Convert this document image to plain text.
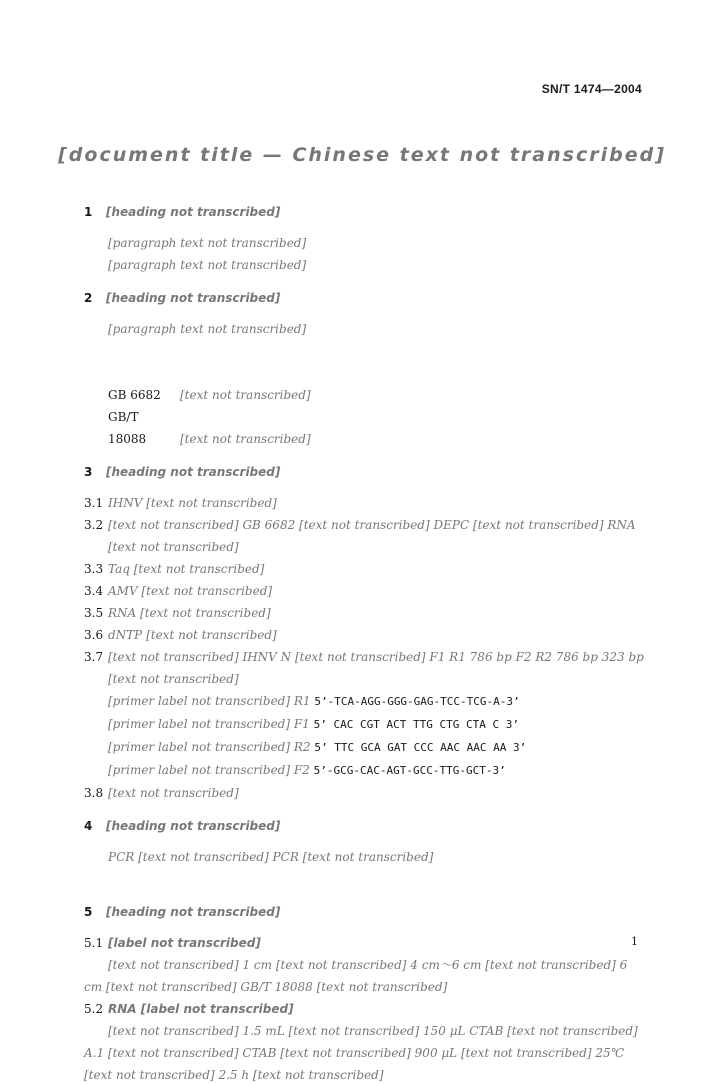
SN/T 1474—2004
[document title — Chinese text not transcribed]
1 [heading not transcribed]
[paragraph text not transcribed]
[paragraph text not transcribed]
2 [heading not transcribed]
[paragraph text not transcribed]
GB 6682 [text not transcribed]
GB/T 18088	[text not transcribed]
3 [heading not transcribed]
3.1 IHNV [text not transcribed]
3.2 [text not transcribed] GB 6682 [text not transcribed] DEPC [text not transcribed] RNA [text not transcribed]
3.3 Taq [text not transcribed]
3.4 AMV [text not transcribed]
3.5 RNA [text not transcribed]
3.6 dNTP [text not transcribed]
3.7 [text not transcribed] IHNV N [text not transcribed] F1 R1 786 bp F2 R2 786 bp 323 bp [text not transcribed]
[primer label not transcribed] R1 5’-TCA-AGG-GGG-GAG-TCC-TCG-A-3’
[primer label not transcribed] F1 5’ CAC CGT ACT TTG CTG CTA C 3’
[primer label not transcribed] R2 5’ TTC GCA GAT CCC AAC AAC AA 3’
[primer label not transcribed] F2 5’-GCG-CAC-AGT-GCC-TTG-GCT-3’
3.8 [text not transcribed]
4 [heading not transcribed]
PCR [text not transcribed] PCR [text not transcribed]
5 [heading not transcribed]
5.1 [label not transcribed]
[text not transcribed] 1 cm [text not transcribed] 4 cm～6 cm [text not transcribed] 6 cm [text not transcribed] GB/T 18088 [text not transcribed]
5.2 RNA [label not transcribed]
[text not transcribed] 1.5 mL [text not transcribed] 150 μL CTAB [text not transcribed] A.1 [text not transcribed] CTAB [text not transcribed] 900 μL [text not transcribed] 25℃ [text not transcribed] 2.5 h [text not transcribed]
1
